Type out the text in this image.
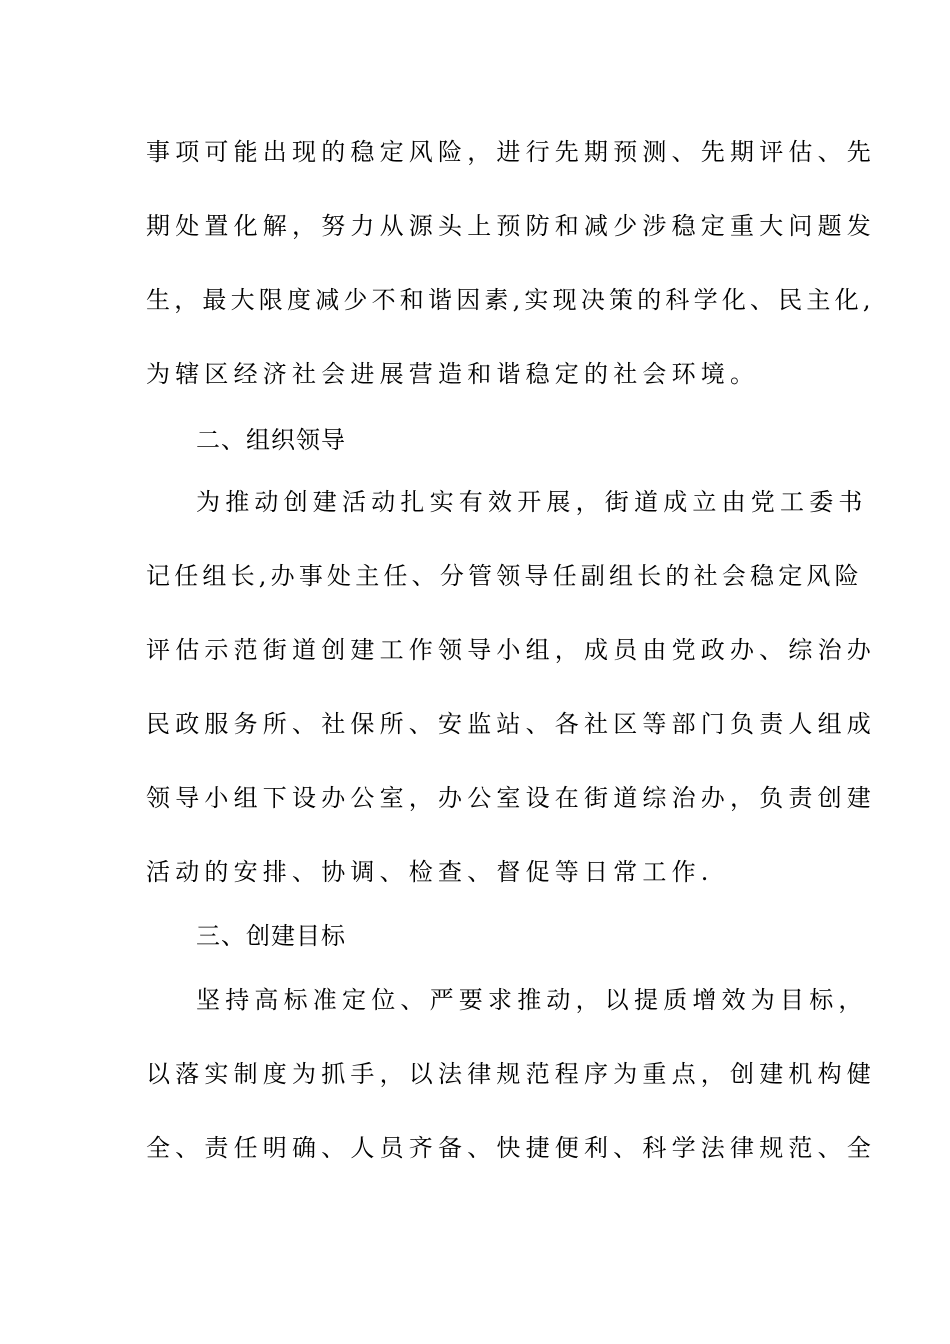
事项可能出现的稳定风险，进行先期预测、先期评估、先
期处置化解，努力从源头上预防和减少涉稳定重大问题发
生，最大限度减少不和谐因素,实现决策的科学化、民主化,
为辖区经济社会进展营造和谐稳定的社会环境。
二、组织领导
为推动创建活动扎实有效开展，街道成立由党工委书
记任组长,办事处主任、分管领导任副组长的社会稳定风险
评估示范街道创建工作领导小组，成员由党政办、综治办
民政服务所、社保所、安监站、各社区等部门负责人组成
领导小组下设办公室，办公室设在街道综治办，负责创建
活动的安排、协调、检查、督促等日常工作.
三、创建目标
坚持高标准定位、严要求推动，以提质增效为目标，
以落实制度为抓手，以法律规范程序为重点，创建机构健
全、责任明确、人员齐备、快捷便利、科学法律规范、全
